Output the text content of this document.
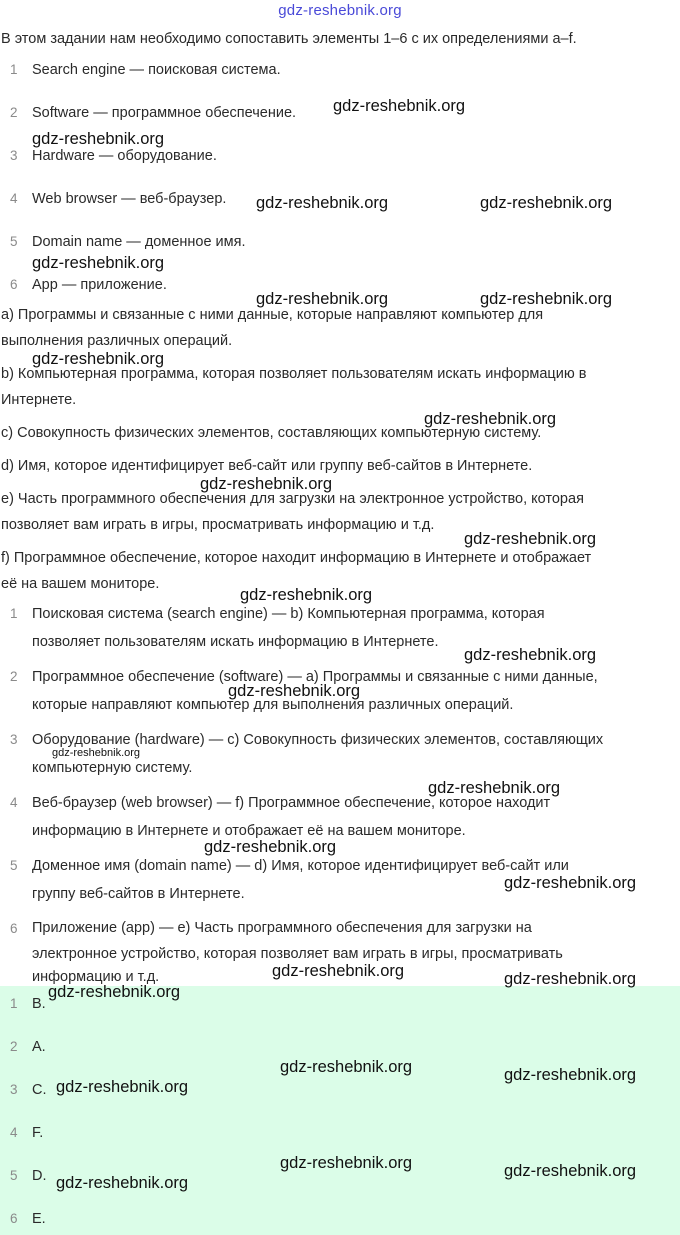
gdz-reshebnik.org
В этом задании нам необходимо сопоставить элементы 1–6 с их определениями a–f.
1 Search engine — поисковая система.
2 Software — программное обеспечение.
3 Hardware — оборудование.
4 Web browser — веб-браузер.
5 Domain name — доменное имя.
6 App — приложение.
a) Программы и связанные с ними данные, которые направляют компьютер для
выполнения различных операций.
b) Компьютерная программа, которая позволяет пользователям искать информацию в
Интернете.
c) Совокупность физических элементов, составляющих компьютерную систему.
d) Имя, которое идентифицирует веб-сайт или группу веб-сайтов в Интернете.
e) Часть программного обеспечения для загрузки на электронное устройство, которая
позволяет вам играть в игры, просматривать информацию и т.д.
f) Программное обеспечение, которое находит информацию в Интернете и отображает
её на вашем мониторе.
1 Поисковая система (search engine) — b) Компьютерная программа, которая
позволяет пользователям искать информацию в Интернете.
2 Программное обеспечение (software) — a) Программы и связанные с ними данные,
которые направляют компьютер для выполнения различных операций.
3 Оборудование (hardware) — c) Совокупность физических элементов, составляющих
компьютерную систему.
4 Веб-браузер (web browser) — f) Программное обеспечение, которое находит
информацию в Интернете и отображает её на вашем мониторе.
5 Доменное имя (domain name) — d) Имя, которое идентифицирует веб-сайт или
группу веб-сайтов в Интернете.
6 Приложение (app) — e) Часть программного обеспечения для загрузки на
электронное устройство, которая позволяет вам играть в игры, просматривать
информацию и т.д.
1 B.
2 A.
3 C.
4 F.
5 D.
6 E.
gdz-reshebnik.org
gdz-reshebnik.org
gdz-reshebnik.org	gdz-reshebnik.org
gdz-reshebnik.org
gdz-reshebnik.org	gdz-reshebnik.org
gdz-reshebnik.org
gdz-reshebnik.org
gdz-reshebnik.org
gdz-reshebnik.org
gdz-reshebnik.org
gdz-reshebnik.org
gdz-reshebnik.org
gdz-reshebnik.org
gdz-reshebnik.org
gdz-reshebnik.org
gdz-reshebnik.org
gdz-reshebnik.org	gdz-reshebnik.org
gdz-reshebnik.org
gdz-reshebnik.org	gdz-reshebnik.org
gdz-reshebnik.org
gdz-reshebnik.org	gdz-reshebnik.org
gdz-reshebnik.org
